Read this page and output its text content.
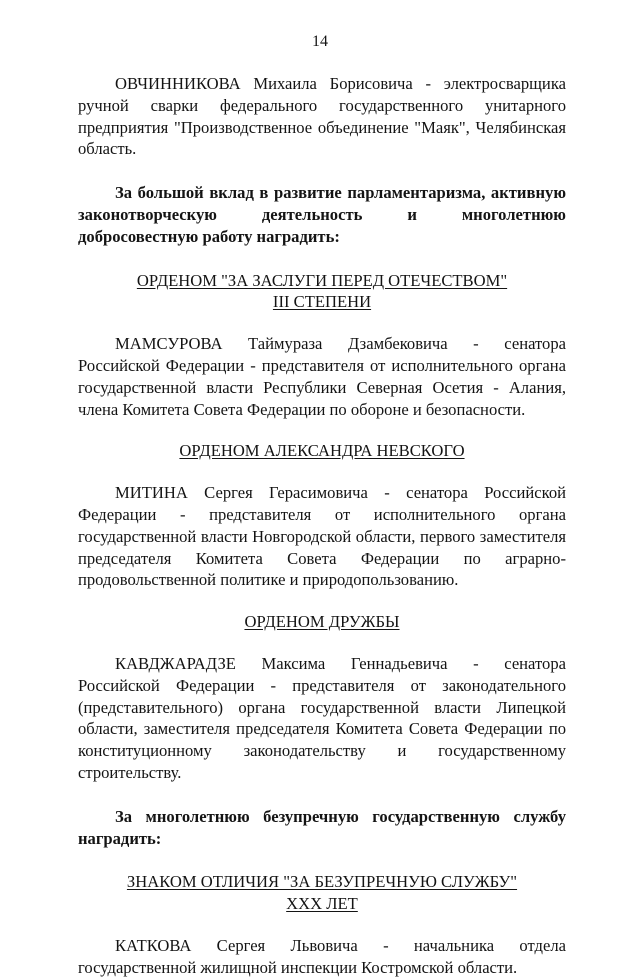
14

ОВЧИННИКОВА Михаила Борисовича - электросварщика ручной сварки федерального государственного унитарного предприятия "Производственное объединение "Маяк", Челябинская область.

За большой вклад в развитие парламентаризма, активную законотворческую деятельность и многолетнюю добросовестную работу наградить:

ОРДЕНОМ "ЗА ЗАСЛУГИ ПЕРЕД ОТЕЧЕСТВОМ"
III СТЕПЕНИ

МАМСУРОВА Таймураза Дзамбековича - сенатора Российской Федерации - представителя от исполнительного органа государственной власти Республики Северная Осетия - Алания, члена Комитета Совета Федерации по обороне и безопасности.

ОРДЕНОМ АЛЕКСАНДРА НЕВСКОГО

МИТИНА Сергея Герасимовича - сенатора Российской Федерации - представителя от исполнительного органа государственной власти Новгородской области, первого заместителя председателя Комитета Совета Федерации по аграрно-продовольственной политике и природопользованию.

ОРДЕНОМ ДРУЖБЫ

КАВДЖАРАДЗЕ Максима Геннадьевича - сенатора Российской Федерации - представителя от законодательного (представительного) органа государственной власти Липецкой области, заместителя председателя Комитета Совета Федерации по конституционному законодательству и государственному строительству.

За многолетнюю безупречную государственную службу наградить:

ЗНАКОМ ОТЛИЧИЯ "ЗА БЕЗУПРЕЧНУЮ СЛУЖБУ"
XXX ЛЕТ

КАТКОВА Сергея Львовича - начальника отдела государственной жилищной инспекции Костромской области.
